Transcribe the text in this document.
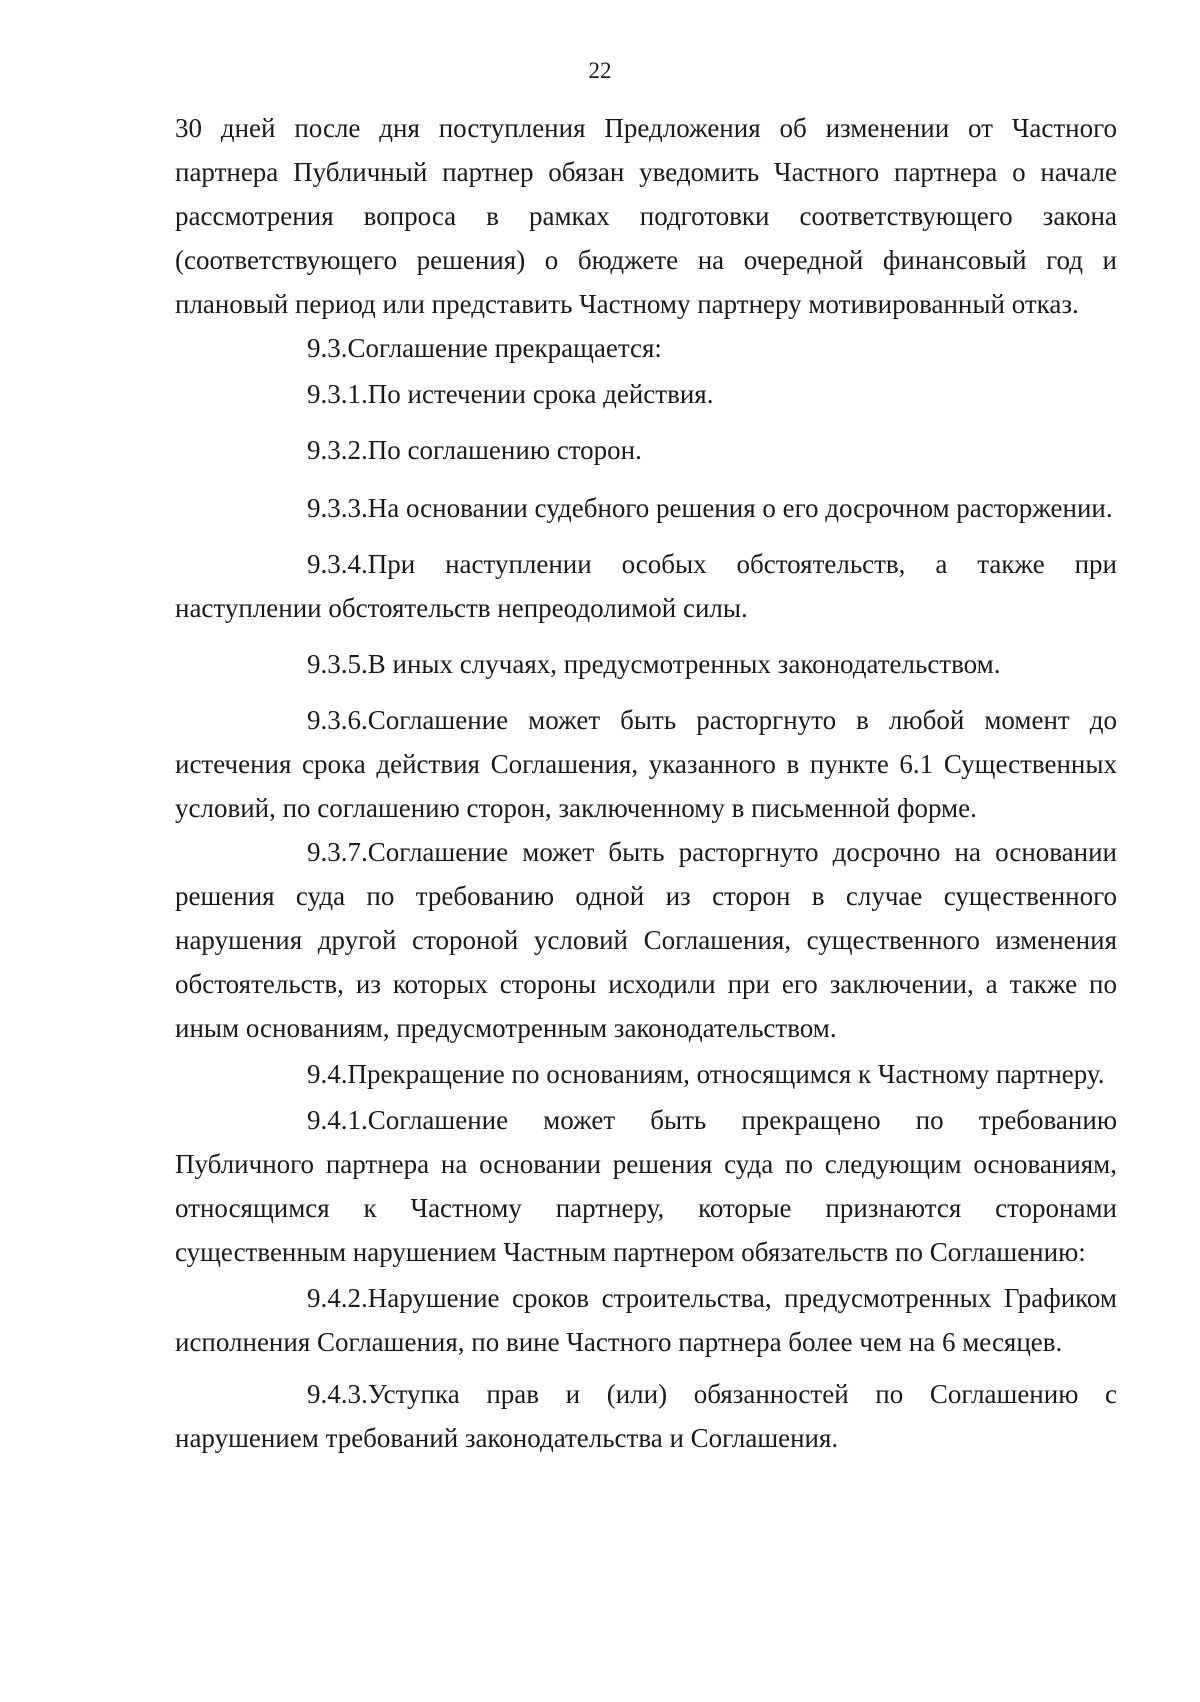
22

30 дней после дня поступления Предложения об изменении от Частного партнера Публичный партнер обязан уведомить Частного партнера о начале рассмотрения вопроса в рамках подготовки соответствующего закона (соответствующего решения) о бюджете на очередной финансовый год и плановый период или представить Частному партнеру мотивированный отказ.

9.3.Соглашение прекращается:

9.3.1.По истечении срока действия.

9.3.2.По соглашению сторон.

9.3.3.На основании судебного решения о его досрочном расторжении.

9.3.4.При наступлении особых обстоятельств, а также при наступлении обстоятельств непреодолимой силы.

9.3.5.В иных случаях, предусмотренных законодательством.

9.3.6.Соглашение может быть расторгнуто в любой момент до истечения срока действия Соглашения, указанного в пункте 6.1 Существенных условий, по соглашению сторон, заключенному в письменной форме.

9.3.7.Соглашение может быть расторгнуто досрочно на основании решения суда по требованию одной из сторон в случае существенного нарушения другой стороной условий Соглашения, существенного изменения обстоятельств, из которых стороны исходили при его заключении, а также по иным основаниям, предусмотренным законодательством.

9.4.Прекращение по основаниям, относящимся к Частному партнеру.

9.4.1.Соглашение может быть прекращено по требованию Публичного партнера на основании решения суда по следующим основаниям, относящимся к Частному партнеру, которые признаются сторонами существенным нарушением Частным партнером обязательств по Соглашению:

9.4.2.Нарушение сроков строительства, предусмотренных Графиком исполнения Соглашения, по вине Частного партнера более чем на 6 месяцев.

9.4.3.Уступка прав и (или) обязанностей по Соглашению с нарушением требований законодательства и Соглашения.
